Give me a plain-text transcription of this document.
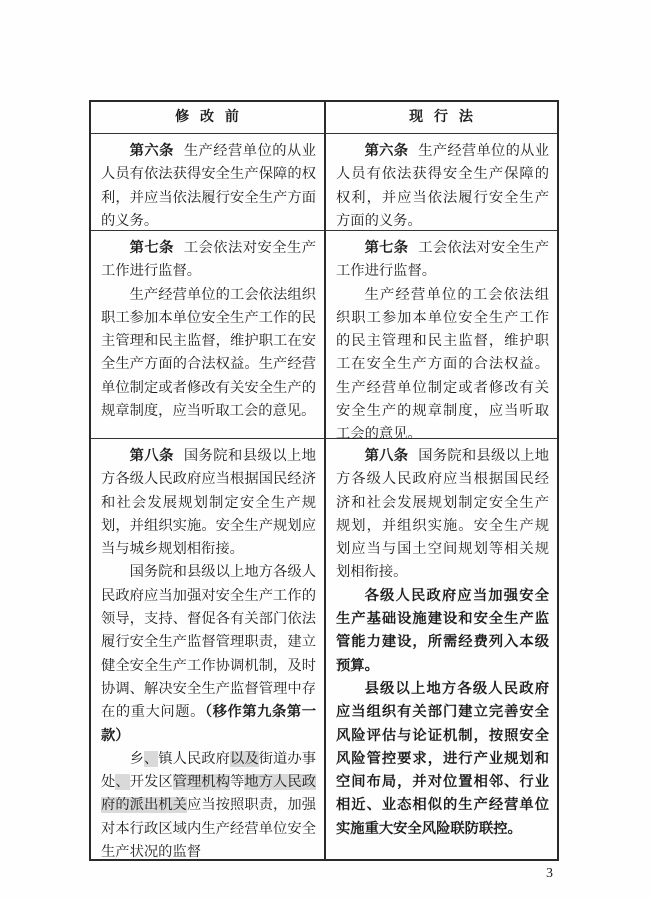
修 改 前	现 行 法

第六条 生产经营单位的从业人员有依法获得安全生产保障的权利，并应当依法履行安全生产方面的义务。

第六条 生产经营单位的从业人员有依法获得安全生产保障的权利，并应当依法履行安全生产方面的义务。

第七条 工会依法对安全生产工作进行监督。

生产经营单位的工会依法组织职工参加本单位安全生产工作的民主管理和民主监督，维护职工在安全生产方面的合法权益。生产经营单位制定或者修改有关安全生产的规章制度，应当听取工会的意见。

第七条 工会依法对安全生产工作进行监督。

生产经营单位的工会依法组织职工参加本单位安全生产工作的民主管理和民主监督，维护职工在安全生产方面的合法权益。生产经营单位制定或者修改有关安全生产的规章制度，应当听取工会的意见。

第八条 国务院和县级以上地方各级人民政府应当根据国民经济和社会发展规划制定安全生产规划，并组织实施。安全生产规划应当与城乡规划相衔接。

国务院和县级以上地方各级人民政府应当加强对安全生产工作的领导，支持、督促各有关部门依法履行安全生产监督管理职责，建立健全安全生产工作协调机制，及时协调、解决安全生产监督管理中存在的重大问题。（移作第九条第一款）

乡、镇人民政府以及街道办事处、开发区管理机构等地方人民政府的派出机关应当按照职责，加强对本行政区域内生产经营单位安全生产状况的监督

第八条 国务院和县级以上地方各级人民政府应当根据国民经济和社会发展规划制定安全生产规划，并组织实施。安全生产规划应当与国土空间规划等相关规划相衔接。

各级人民政府应当加强安全生产基础设施建设和安全生产监管能力建设，所需经费列入本级预算。

县级以上地方各级人民政府应当组织有关部门建立完善安全风险评估与论证机制，按照安全风险管控要求，进行产业规划和空间布局，并对位置相邻、行业相近、业态相似的生产经营单位实施重大安全风险联防联控。

3
